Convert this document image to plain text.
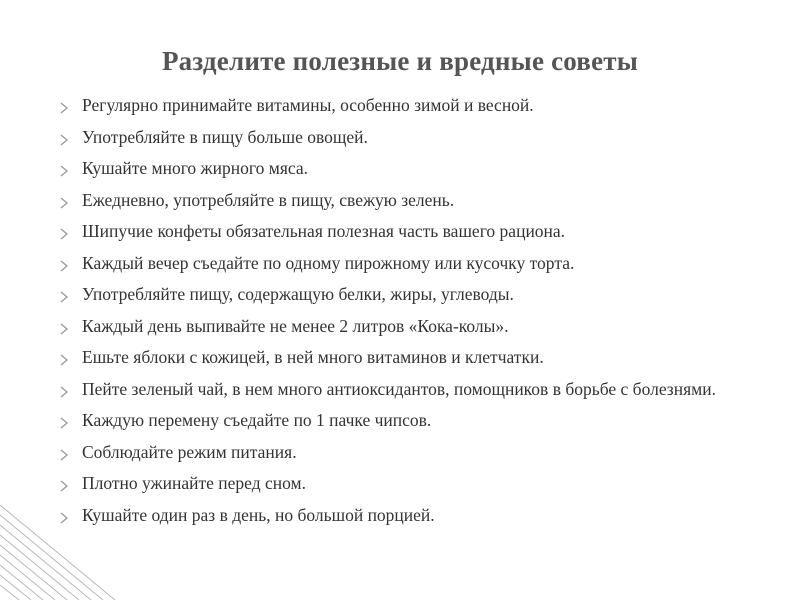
Разделите полезные и вредные советы
Регулярно принимайте витамины, особенно зимой и весной.
Употребляйте в пищу больше овощей.
Кушайте много жирного мяса.
Ежедневно, употребляйте в пищу, свежую зелень.
Шипучие конфеты обязательная полезная часть вашего рациона.
Каждый вечер съедайте по одному пирожному или кусочку торта.
Употребляйте пищу, содержащую белки, жиры, углеводы.
Каждый день выпивайте не менее 2 литров «Кока-колы».
Ешьте яблоки с кожицей, в ней много витаминов и клетчатки.
Пейте зеленый чай, в нем много антиоксидантов, помощников в борьбе с болезнями.
Каждую перемену съедайте по 1 пачке чипсов.
Соблюдайте режим питания.
Плотно ужинайте перед сном.
Кушайте один раз в день, но большой порцией.
